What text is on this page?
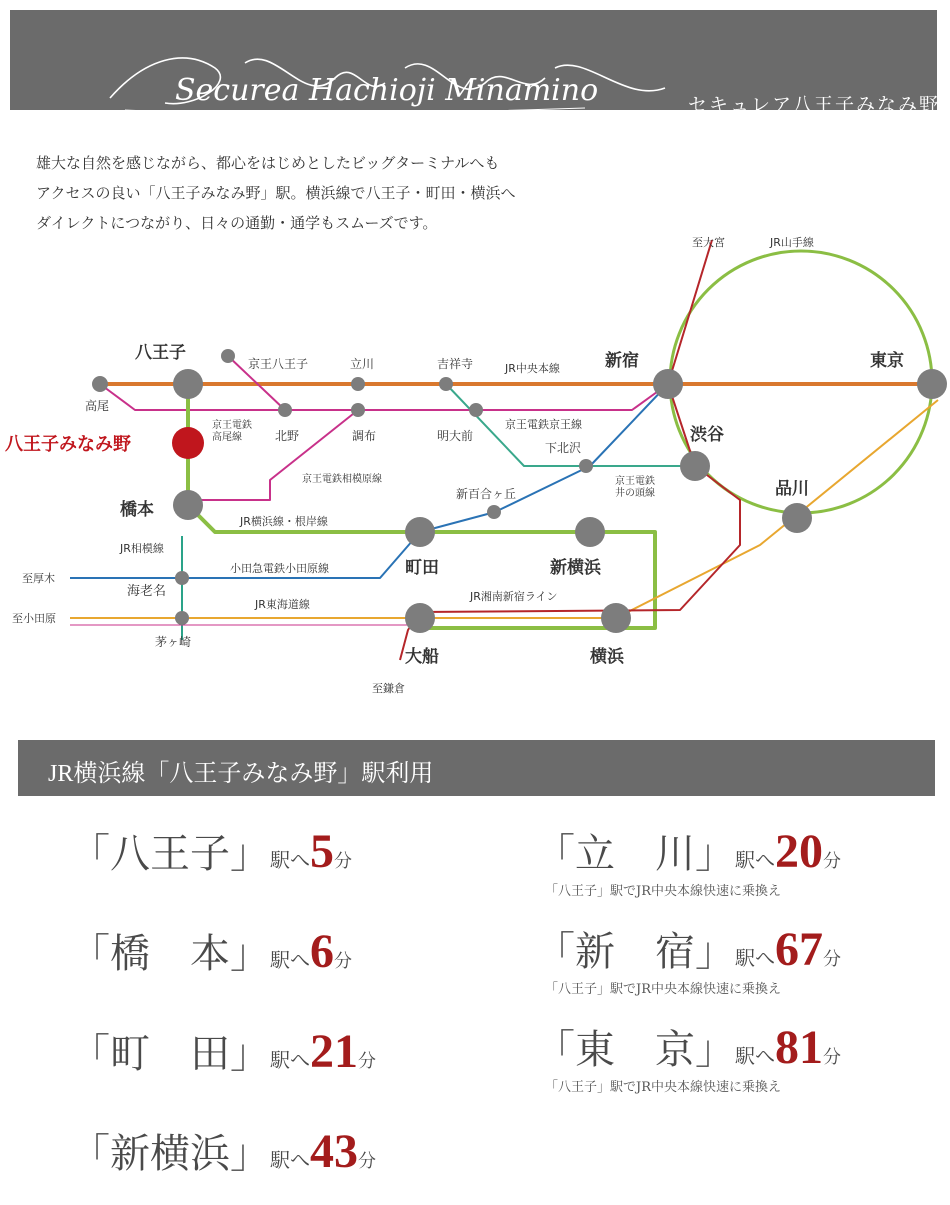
Securea Hachioji Minamino	セキュレア八王子みなみ野
雄大な自然を感じながら、都心をはじめとしたビッグターミナルへも
アクセスの良い「八王子みなみ野」駅。横浜線で八王子・町田・横浜へ
ダイレクトにつながり、日々の通勤・通学もスムーズです。
八王子
高尾
京王八王子
北野
立川
調布
吉祥寺
明大前
新宿	東京
渋谷
品川
下北沢
新百合ヶ丘
八王子みなみ野
橋本
町田	新横浜
海老名
茅ヶ崎
大船	横浜
JR中央本線
京王電鉄
高尾線
京王電鉄京王線
京王電鉄相模原線	京王電鉄
井の頭線
JR山手線
JR横浜線・根岸線
JR相模線
小田急電鉄小田原線
JR東海道線
JR湘南新宿ライン
至大宮
至厚木
至小田原
至鎌倉
JR横浜線「八王子みなみ野」駅利用
「八王子」駅へ5分
「橋　本」駅へ6分
「町　田」駅へ21分
「新横浜」駅へ43分
「立　川」駅へ20分
「八王子」駅でJR中央本線快速に乗換え
「新　宿」駅へ67分
「八王子」駅でJR中央本線快速に乗換え
「東　京」駅へ81分
「八王子」駅でJR中央本線快速に乗換え
